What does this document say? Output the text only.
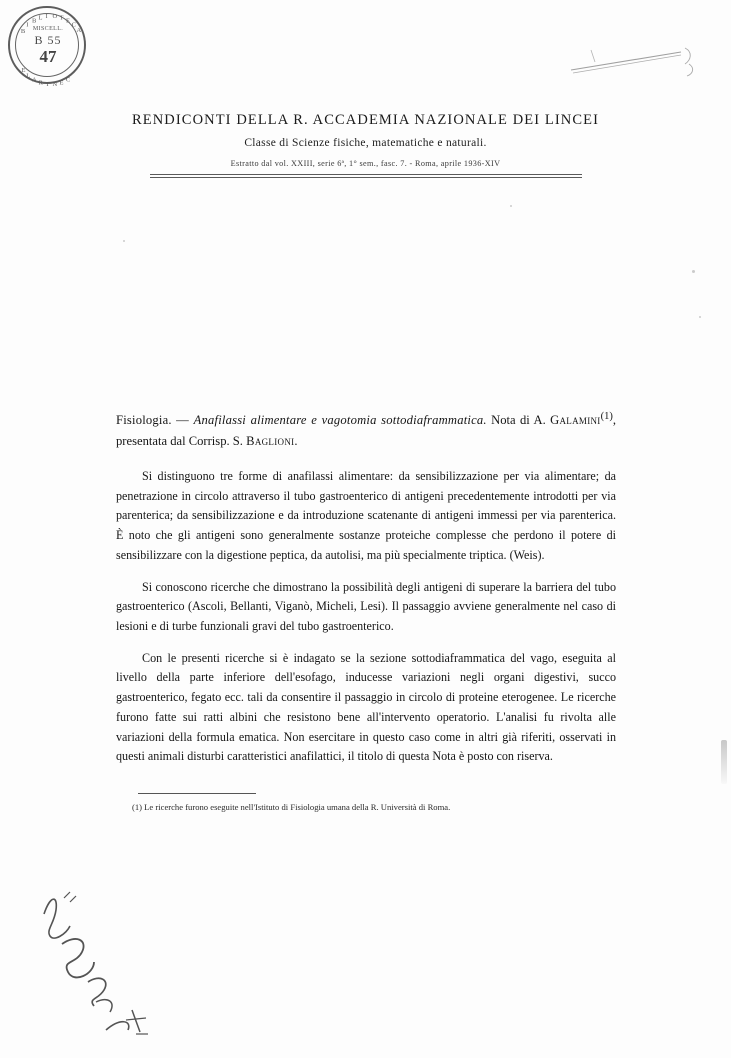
B
I
B L I O T E
C
A
C
E
N
T
R
A
L
E
MISCELL.
B 55
47
RENDICONTI DELLA R. ACCADEMIA NAZIONALE DEI LINCEI
Classe di Scienze fisiche, matematiche e naturali.
Estratto dal vol. XXIII, serie 6ª, 1° sem., fasc. 7. - Roma, aprile 1936-XIV
Fisiologia. — Anafilassi alimentare e vagotomia sottodiaframmatica. Nota di A. Galamini$^{(1)}$, presentata dal Corrisp. S. Baglioni.

Si distinguono tre forme di anafilassi alimentare: da sensibilizzazione per via alimentare; da penetrazione in circolo attraverso il tubo gastroenterico di antigeni precedentemente introdotti per via parenterica; da sensibilizzazione e da introduzione scatenante di antigeni immessi per via parenterica. È noto che gli antigeni sono generalmente sostanze proteiche complesse che perdono il potere di sensibilizzare con la digestione peptica, da autolisi, ma più specialmente triptica. (Weis).

Si conoscono ricerche che dimostrano la possibilità degli antigeni di superare la barriera del tubo gastroenterico (Ascoli, Bellanti, Viganò, Micheli, Lesi). Il passaggio avviene generalmente nel caso di lesioni e di turbe funzionali gravi del tubo gastroenterico.

Con le presenti ricerche si è indagato se la sezione sottodiaframmatica del vago, eseguita al livello della parte inferiore dell'esofago, inducesse variazioni negli organi digestivi, succo gastroenterico, fegato ecc. tali da consentire il passaggio in circolo di proteine eterogenee. Le ricerche furono fatte sui ratti albini che resistono bene all'intervento operatorio. L'analisi fu rivolta alle variazioni della formula ematica. Non esercitare in questo caso come in altri già riferiti, osservati in questi animali disturbi caratteristici anafilattici, il titolo di questa Nota è posto con riserva.

(1) Le ricerche furono eseguite nell'Istituto di Fisiologia umana della R. Università di Roma.
